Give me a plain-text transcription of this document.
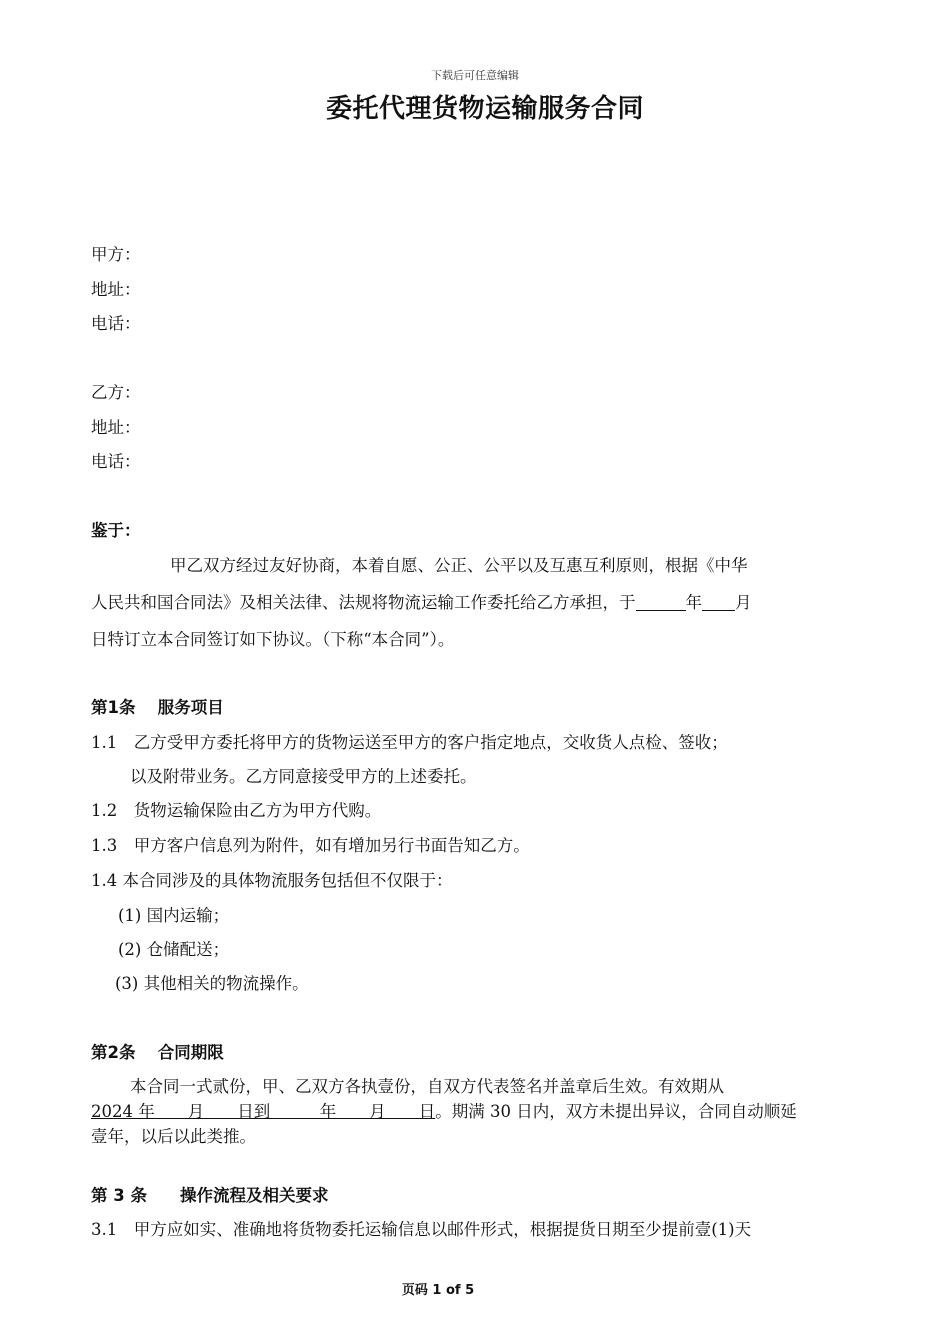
下载后可任意编辑
委托代理货物运输服务合同
甲方：
地址：
电话：
乙方：
地址：
电话：
鉴于：
甲乙双方经过友好协商，本着自愿、公正、公平以及互惠互利原则，根据《中华
人民共和国合同法》及相关法律、法规将物流运输工作委托给乙方承担，于	年 月
日特订立本合同签订如下协议。（下称“本合同”）。
第1条　 服务项目
1.1　乙方受甲方委托将甲方的货物运送至甲方的客户指定地点，交收货人点检、签收；
以及附带业务。乙方同意接受甲方的上述委托。
1.2　货物运输保险由乙方为甲方代购。
1.3　甲方客户信息列为附件，如有增加另行书面告知乙方。
1.4 本合同涉及的具体物流服务包括但不仅限于：
(1) 国内运输；
(2) 仓储配送；
(3) 其他相关的物流操作。
第2条　 合同期限
本合同一式贰份，甲、乙双方各执壹份，自双方代表签名并盖章后生效。有效期从
2024 年　　月　　日到　　　年　　月　　日。期满 30 日内，双方未提出异议，合同自动顺延
壹年，以后以此类推。
第 3 条　　操作流程及相关要求
3.1　甲方应如实、准确地将货物委托运输信息以邮件形式，根据提货日期至少提前壹(1)天
页码 1 of 5
